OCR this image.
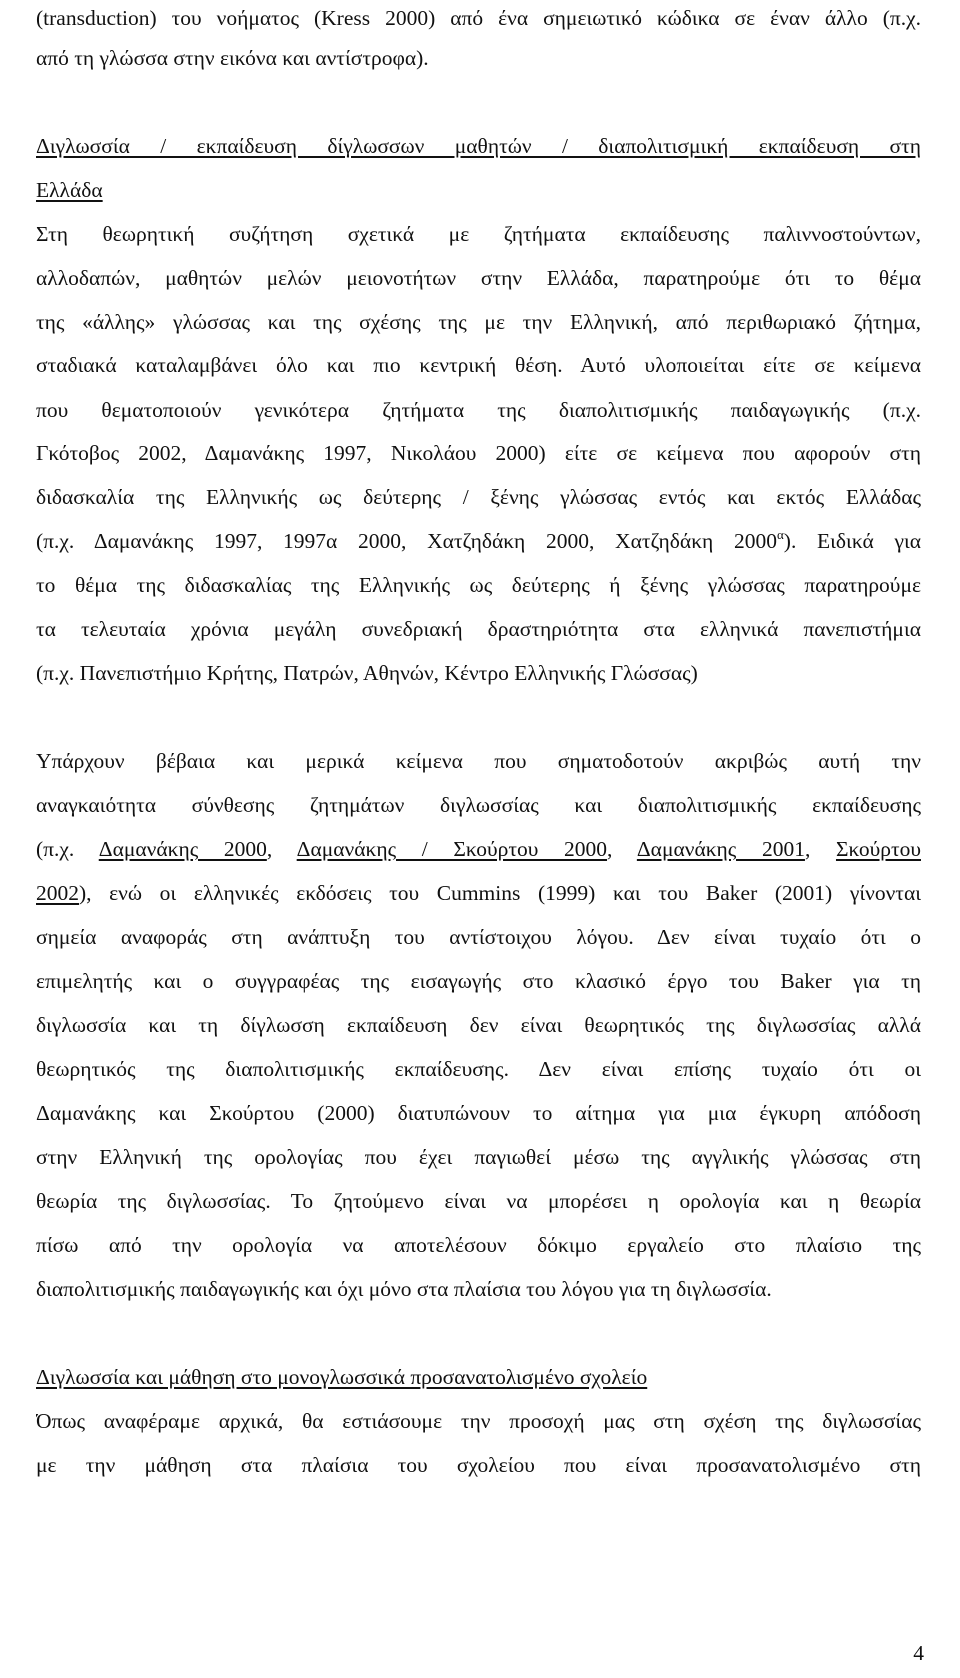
(transduction) του νοήματος (Kress 2000) από ένα σημειωτικό κώδικα σε έναν άλλο (π.χ.
από τη γλώσσα στην εικόνα και αντίστροφα).
Διγλωσσία / εκπαίδευση δίγλωσσων μαθητών / διαπολιτισμική εκπαίδευση στη
Ελλάδα
Στη θεωρητική συζήτηση σχετικά με ζητήματα εκπαίδευσης παλιννοστούντων,
αλλοδαπών, μαθητών μελών μειονοτήτων στην Ελλάδα, παρατηρούμε ότι το θέμα
της «άλλης» γλώσσας και της σχέσης της με την Ελληνική, από περιθωριακό ζήτημα,
σταδιακά καταλαμβάνει όλο και πιο κεντρική θέση. Αυτό υλοποιείται είτε σε κείμενα
που θεματοποιούν γενικότερα ζητήματα της διαπολιτισμικής παιδαγωγικής (π.χ.
Γκότοβος 2002, Δαμανάκης 1997, Νικολάου 2000) είτε σε κείμενα που αφορούν στη
διδασκαλία της Ελληνικής ως δεύτερης / ξένης γλώσσας εντός και εκτός Ελλάδας
(π.χ. Δαμανάκης 1997, 1997α 2000, Χατζηδάκη 2000, Χατζηδάκη $2000^\alpha$). Ειδικά για
το θέμα της διδασκαλίας της Ελληνικής ως δεύτερης ή ξένης γλώσσας παρατηρούμε
τα τελευταία χρόνια μεγάλη συνεδριακή δραστηριότητα στα ελληνικά πανεπιστήμια
(π.χ. Πανεπιστήμιο Κρήτης, Πατρών, Αθηνών, Κέντρο Ελληνικής Γλώσσας)
Υπάρχουν βέβαια και μερικά κείμενα που σηματοδοτούν ακριβώς αυτή την
αναγκαιότητα σύνθεσης ζητημάτων διγλωσσίας και διαπολιτισμικής εκπαίδευσης
(π.χ. Δαμανάκης 2000, Δαμανάκης / Σκούρτου 2000, Δαμανάκης 2001, Σκούρτου
2002), ενώ οι ελληνικές εκδόσεις του Cummins (1999) και του Baker (2001) γίνονται
σημεία αναφοράς στη ανάπτυξη του αντίστοιχου λόγου. Δεν είναι τυχαίο ότι ο
επιμελητής και ο συγγραφέας της εισαγωγής στο κλασικό έργο του Baker για τη
διγλωσσία και τη δίγλωσση εκπαίδευση δεν είναι θεωρητικός της διγλωσσίας αλλά
θεωρητικός της διαπολιτισμικής εκπαίδευσης. Δεν είναι επίσης τυχαίο ότι οι
Δαμανάκης και Σκούρτου (2000) διατυπώνουν το αίτημα για μια έγκυρη απόδοση
στην Ελληνική της ορολογίας που έχει παγιωθεί μέσω της αγγλικής γλώσσας στη
θεωρία της διγλωσσίας. Το ζητούμενο είναι να μπορέσει η ορολογία και η θεωρία
πίσω από την ορολογία να αποτελέσουν δόκιμο εργαλείο στο πλαίσιο της
διαπολιτισμικής παιδαγωγικής και όχι μόνο στα πλαίσια του λόγου για τη διγλωσσία.
Διγλωσσία και μάθηση στο μονογλωσσικά προσανατολισμένο σχολείο
Όπως αναφέραμε αρχικά, θα εστιάσουμε την προσοχή μας στη σχέση της διγλωσσίας
με την μάθηση στα πλαίσια του σχολείου που είναι προσανατολισμένο στη
4
